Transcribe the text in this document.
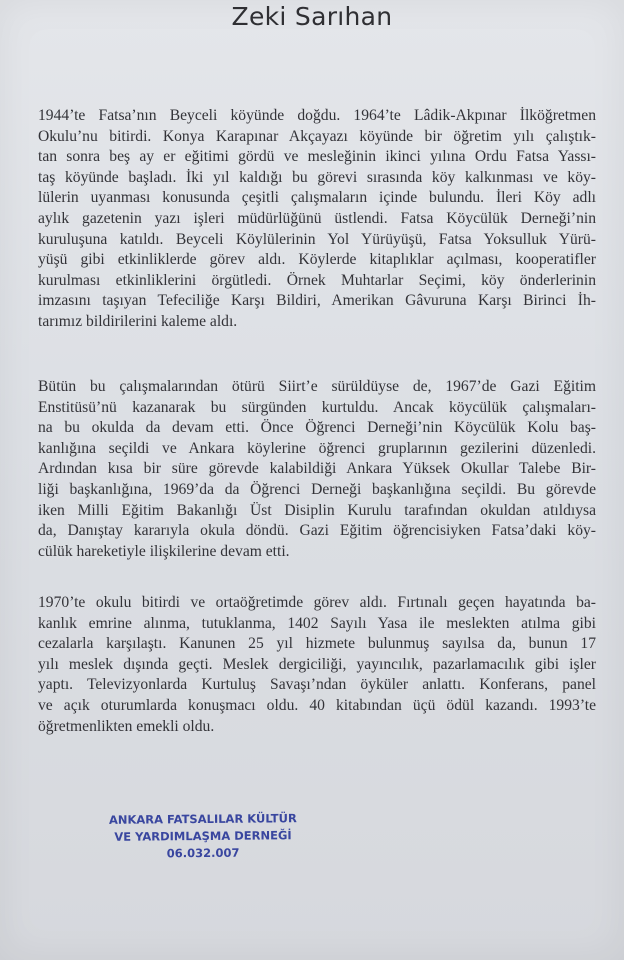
Zeki Sarıhan
1944’te Fatsa’nın Beyceli köyünde doğdu. 1964’te Lâdik-Akpınar İlköğretmen
Okulu’nu bitirdi. Konya Karapınar Akçayazı köyünde bir öğretim yılı çalıştık-
tan sonra beş ay er eğitimi gördü ve mesleğinin ikinci yılına Ordu Fatsa Yassı-
taş köyünde başladı. İki yıl kaldığı bu görevi sırasında köy kalkınması ve köy-
lülerin uyanması konusunda çeşitli çalışmaların içinde bulundu. İleri Köy adlı
aylık gazetenin yazı işleri müdürlüğünü üstlendi. Fatsa Köycülük Derneği’nin
kuruluşuna katıldı. Beyceli Köylülerinin Yol Yürüyüşü, Fatsa Yoksulluk Yürü-
yüşü gibi etkinliklerde görev aldı. Köylerde kitaplıklar açılması, kooperatifler
kurulması etkinliklerini örgütledi. Örnek Muhtarlar Seçimi, köy önderlerinin
imzasını taşıyan Tefeciliğe Karşı Bildiri, Amerikan Gâvuruna Karşı Birinci İh-
tarımız bildirilerini kaleme aldı.
Bütün bu çalışmalarından ötürü Siirt’e sürüldüyse de, 1967’de Gazi Eğitim
Enstitüsü’nü kazanarak bu sürgünden kurtuldu. Ancak köycülük çalışmaları-
na bu okulda da devam etti. Önce Öğrenci Derneği’nin Köycülük Kolu baş-
kanlığına seçildi ve Ankara köylerine öğrenci gruplarının gezilerini düzenledi.
Ardından kısa bir süre görevde kalabildiği Ankara Yüksek Okullar Talebe Bir-
liği başkanlığına, 1969’da da Öğrenci Derneği başkanlığına seçildi. Bu görevde
iken Milli Eğitim Bakanlığı Üst Disiplin Kurulu tarafından okuldan atıldıysa
da, Danıştay kararıyla okula döndü. Gazi Eğitim öğrencisiyken Fatsa’daki köy-
cülük hareketiyle ilişkilerine devam etti.
1970’te okulu bitirdi ve ortaöğretimde görev aldı. Fırtınalı geçen hayatında ba-
kanlık emrine alınma, tutuklanma, 1402 Sayılı Yasa ile meslekten atılma gibi
cezalarla karşılaştı. Kanunen 25 yıl hizmete bulunmuş sayılsa da, bunun 17
yılı meslek dışında geçti. Meslek dergiciliği, yayıncılık, pazarlamacılık gibi işler
yaptı. Televizyonlarda Kurtuluş Savaşı’ndan öyküler anlattı. Konferans, panel
ve açık oturumlarda konuşmacı oldu. 40 kitabından üçü ödül kazandı. 1993’te
öğretmenlikten emekli oldu.
ANKARA FATSALILAR KÜLTÜR
VE YARDIMLAŞMA DERNEĞİ
06.032.007
